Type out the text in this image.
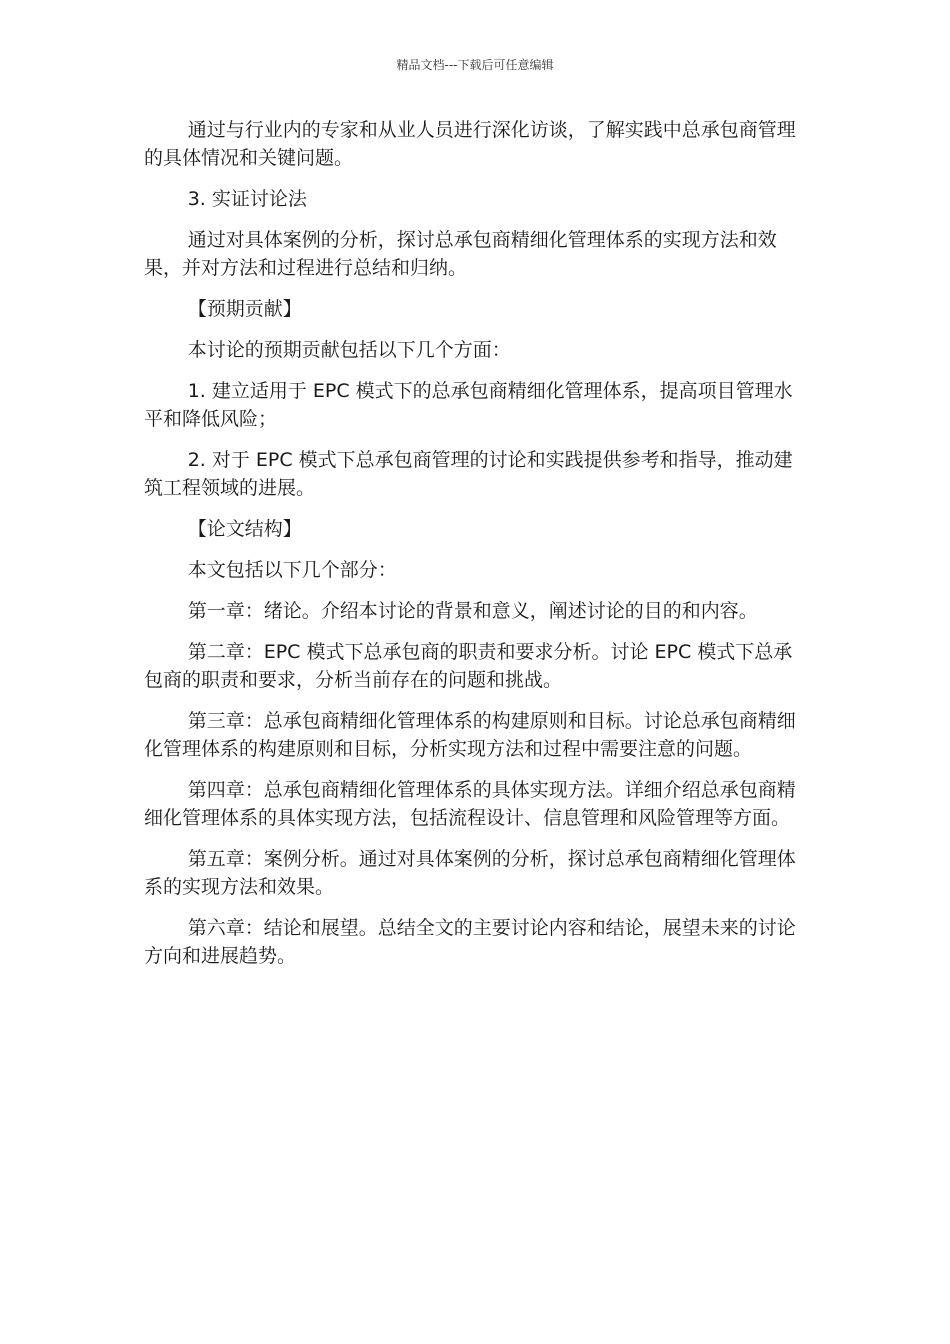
精品文档---下载后可任意编辑

通过与行业内的专家和从业人员进行深化访谈，了解实践中总承包商管理的具体情况和关键问题。

3. 实证讨论法

通过对具体案例的分析，探讨总承包商精细化管理体系的实现方法和效果，并对方法和过程进行总结和归纳。

【预期贡献】

本讨论的预期贡献包括以下几个方面：

1. 建立适用于 EPC 模式下的总承包商精细化管理体系，提高项目管理水平和降低风险；

2. 对于 EPC 模式下总承包商管理的讨论和实践提供参考和指导，推动建筑工程领域的进展。

【论文结构】

本文包括以下几个部分：

第一章：绪论。介绍本讨论的背景和意义，阐述讨论的目的和内容。

第二章：EPC 模式下总承包商的职责和要求分析。讨论 EPC 模式下总承包商的职责和要求，分析当前存在的问题和挑战。

第三章：总承包商精细化管理体系的构建原则和目标。讨论总承包商精细化管理体系的构建原则和目标，分析实现方法和过程中需要注意的问题。

第四章：总承包商精细化管理体系的具体实现方法。详细介绍总承包商精细化管理体系的具体实现方法，包括流程设计、信息管理和风险管理等方面。

第五章：案例分析。通过对具体案例的分析，探讨总承包商精细化管理体系的实现方法和效果。

第六章：结论和展望。总结全文的主要讨论内容和结论，展望未来的讨论方向和进展趋势。
